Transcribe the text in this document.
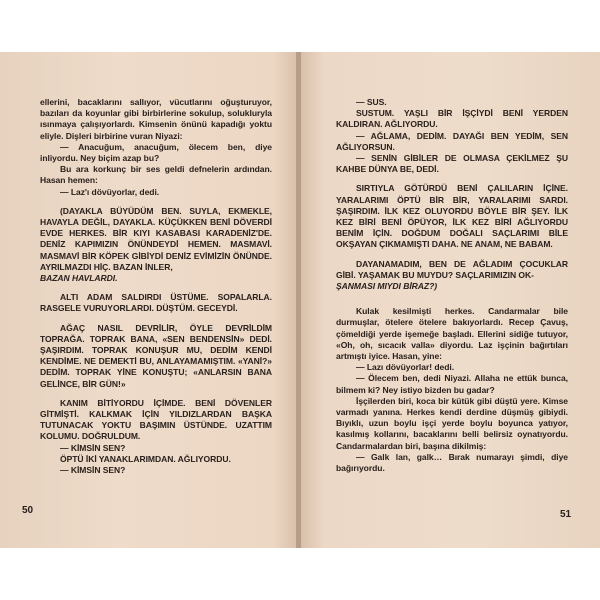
ellerini, bacaklarını sallıyor, vücutlarını oğuşturuyor, bazıları da koyunlar gibi birbirlerine sokulup, solukluryla ısınmaya çalışıyorlardı. Kimsenin önünü kapadığı yoktu eliyle. Dişleri birbirine vuran Niyazi:

— Anacuğum, anacuğum, ölecem ben, diye inliyordu. Ney biçim azap bu?

Bu ara korkunç bir ses geldi defnelerin ardından. Hasan hemen:

— Laz'ı dövüyorlar, dedi.

(DAYAKLA BÜYÜDÜM BEN. SUYLA, EKMEKLE, HAVAYLA DEĞİL, DAYAKLA. KÜÇÜKKEN BENİ DÖVERDİ EVDE HERKES. BİR KIYI KASABASI KARADENİZ'DE. DENİZ KAPIMIZIN ÖNÜNDEYDİ HEMEN. MASMAVİ. MASMAVİ BİR KÖPEK GİBİYDİ DENİZ EVİMİZİN ÖNÜNDE. AYRILMAZDI HİÇ. BAZAN İNLER,

BAZAN HAVLARDI.

ALTI ADAM SALDIRDI ÜSTÜME. SOPALARLA. RASGELE VURUYORLARDI. DÜŞTÜM. GECEYDİ.

AĞAÇ NASIL DEVRİLİR, ÖYLE DEVRİLDİM TOPRAĞA. TOPRAK BANA, «SEN BENDENSİN» DEDİ. ŞAŞIRDIM. TOPRAK KONUŞUR MU, DEDİM KENDİ KENDİME. NE DEMEKTİ BU, ANLAYAMAMIŞTIM. «YANİ?» DEDİM. TOPRAK YİNE KONUŞTU; «ANLARSIN BANA GELİNCE, BİR GÜN!»

KANIM BİTİYORDU İÇİMDE. BENİ DÖVENLER GİTMİŞTİ. KALKMAK İÇİN YILDIZLARDAN BAŞKA TUTUNACAK YOKTU BAŞIMIN ÜSTÜNDE. UZATTIM KOLUMU. DOĞRULDUM.

— KİMSİN SEN?

ÖPTÜ İKİ YANAKLARIMDAN. AĞLIYORDU.

— KİMSİN SEN?

50

— SUS.

SUSTUM. YAŞLI BİR İŞÇİYDİ BENİ YERDEN KALDIRAN. AĞLIYORDU.

— AĞLAMA, DEDİM. DAYAĞI BEN YEDİM, SEN AĞLIYORSUN.

— SENİN GİBİLER DE OLMASA ÇEKİLMEZ ŞU KAHBE DÜNYA BE, DEDİ.

SIRTIYLA GÖTÜRDÜ BENİ ÇALILARIN İÇİNE. YARALARIMI ÖPTÜ BİR BİR, YARALARIMI SARDI. ŞAŞIRDIM. İLK KEZ OLUYORDU BÖYLE BİR ŞEY. İLK KEZ BİRİ BENİ ÖPÜYOR, İLK KEZ BİRİ AĞLIYORDU BENİM İÇİN. DOĞDUM DOĞALI SAÇLARIMI BİLE OKŞAYAN ÇIKMAMIŞTI DAHA. NE ANAM, NE BABAM.

DAYANAMADIM, BEN DE AĞLADIM ÇOCUKLAR GİBİ. YAŞAMAK BU MUYDU? SAÇLARIMIZIN OK-

ŞANMASI MIYDI BİRAZ?)

Kulak kesilmişti herkes. Candarmalar bile durmuşlar, ötelere ötelere bakıyorlardı. Recep Çavuş, çömeldiği yerde işemeğe başladı. Ellerini sidiğe tutuyor, «Oh, oh, sıcacık valla» diyordu. Laz işçinin bağırtıları artmıştı iyice. Hasan, yine:

— Lazı dövüyorlar! dedi.

— Ölecem ben, dedi Niyazi. Allaha ne ettük bunca, bilmem ki? Ney istiyo bizden bu gadar?

İşçilerden biri, koca bir kütük gibi düştü yere. Kimse varmadı yanına. Herkes kendi derdine düşmüş gibiydi. Bıyıklı, uzun boylu işçi yerde boylu boyunca yatıyor, kasılmış kollarını, bacaklarını belli belirsiz oynatıyordu. Candarmalardan biri, başına dikilmiş:

— Galk lan, galk… Bırak numarayı şimdi, diye bağırıyordu.

51
